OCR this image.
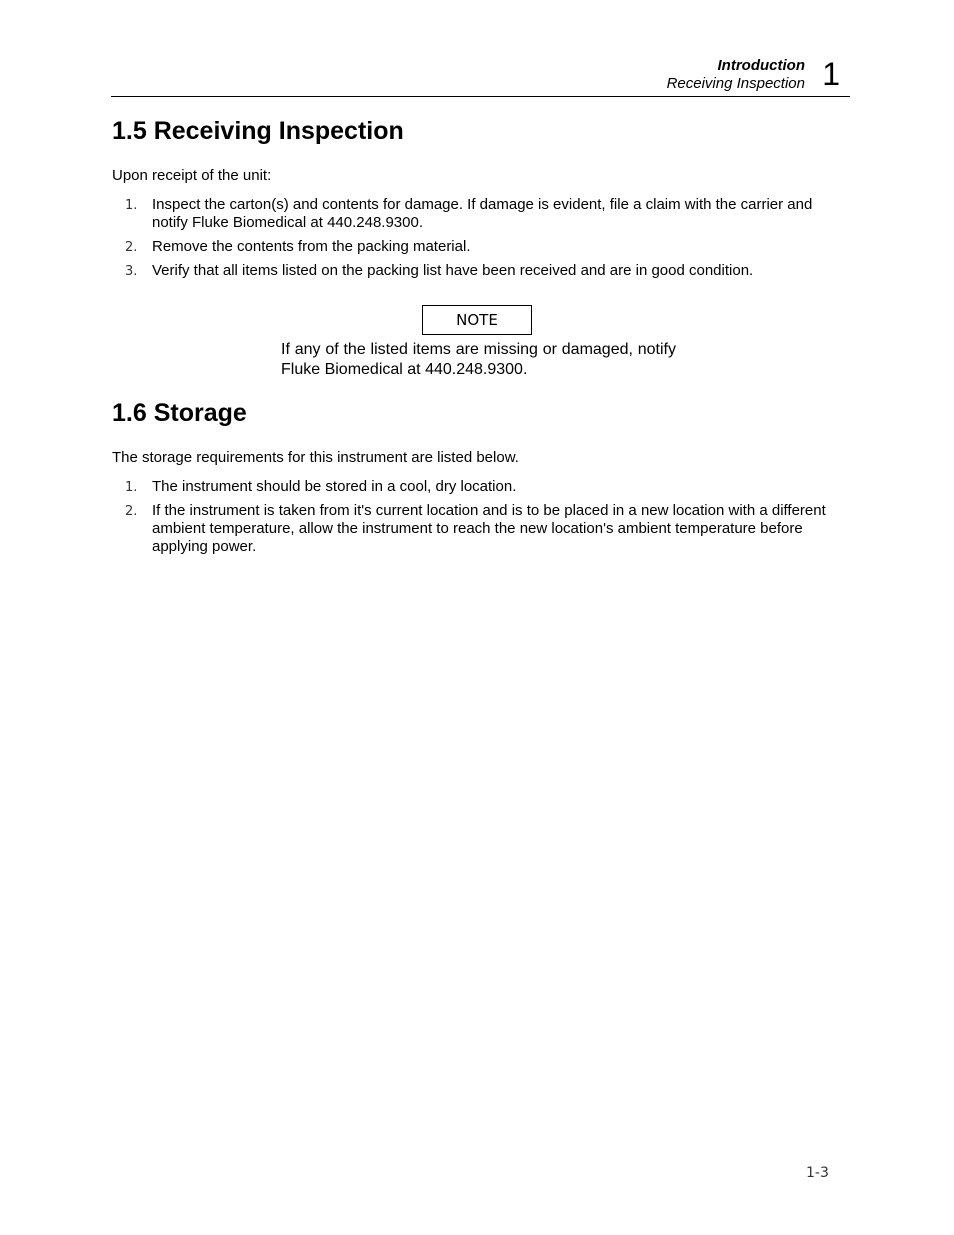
Introduction
Receiving Inspection 1
1.5 Receiving Inspection

Upon receipt of the unit:

1. Inspect the carton(s) and contents for damage. If damage is evident, file a claim with the carrier and notify Fluke Biomedical at 440.248.9300.
2. Remove the contents from the packing material.
3. Verify that all items listed on the packing list have been received and are in good condition.
NOTE

If any of the listed items are missing or damaged, notify Fluke Biomedical at 440.248.9300.

1.6 Storage

The storage requirements for this instrument are listed below.

1. The instrument should be stored in a cool, dry location.
2. If the instrument is taken from it's current location and is to be placed in a new location with a different ambient temperature, allow the instrument to reach the new location's ambient temperature before
applying power.
1-3
